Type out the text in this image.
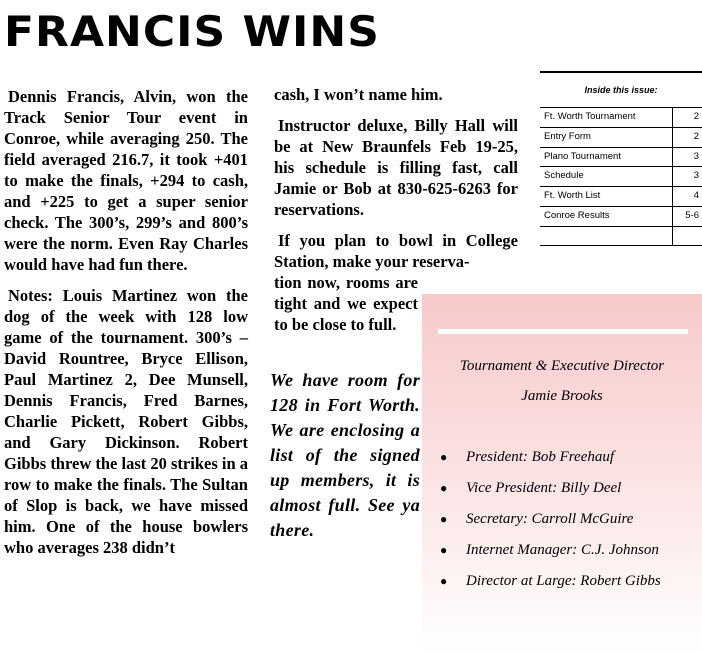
FRANCIS WINS

Dennis Francis, Alvin, won the Track Senior Tour event in Conroe, while averaging 250. The field averaged 216.7, it took +401 to make the finals, +294 to cash, and +225 to get a super senior check. The 300’s, 299’s and 800’s were the norm. Even Ray Charles would have had fun there.

Notes: Louis Martinez won the dog of the week with 128 low game of the tournament. 300’s – David Rountree, Bryce Ellison, Paul Martinez 2, Dee Munsell, Dennis Francis, Fred Barnes, Charlie Pickett, Robert Gibbs, and Gary Dickinson. Robert Gibbs threw the last 20 strikes in a row to make the finals. The Sultan of Slop is back, we have missed him. One of the house bowlers who averages 238 didn’t

cash, I won’t name him.

Instructor deluxe, Billy Hall will be at New Braunfels Feb 19-25, his schedule is filling fast, call Jamie or Bob at 830-625-6263 for reservations.

If you plan to bowl in College Station, make your reserva-

tion now, rooms are tight and we expect to be close to full.

We have room for 128 in Fort Worth. We are enclosing a list of the signed up members, it is almost full. See ya there.
Inside this issue:
Ft. Worth Tournament	2
Entry Form	2
Plano Tournament	3
Schedule	3
Ft. Worth List	4
Conroe Results	5-6
Tournament & Executive Director
Jamie Brooks
●	President: Bob Freehauf
●	Vice President: Billy Deel
●	Secretary: Carroll McGuire
●	Internet Manager: C.J. Johnson
●	Director at Large: Robert Gibbs
